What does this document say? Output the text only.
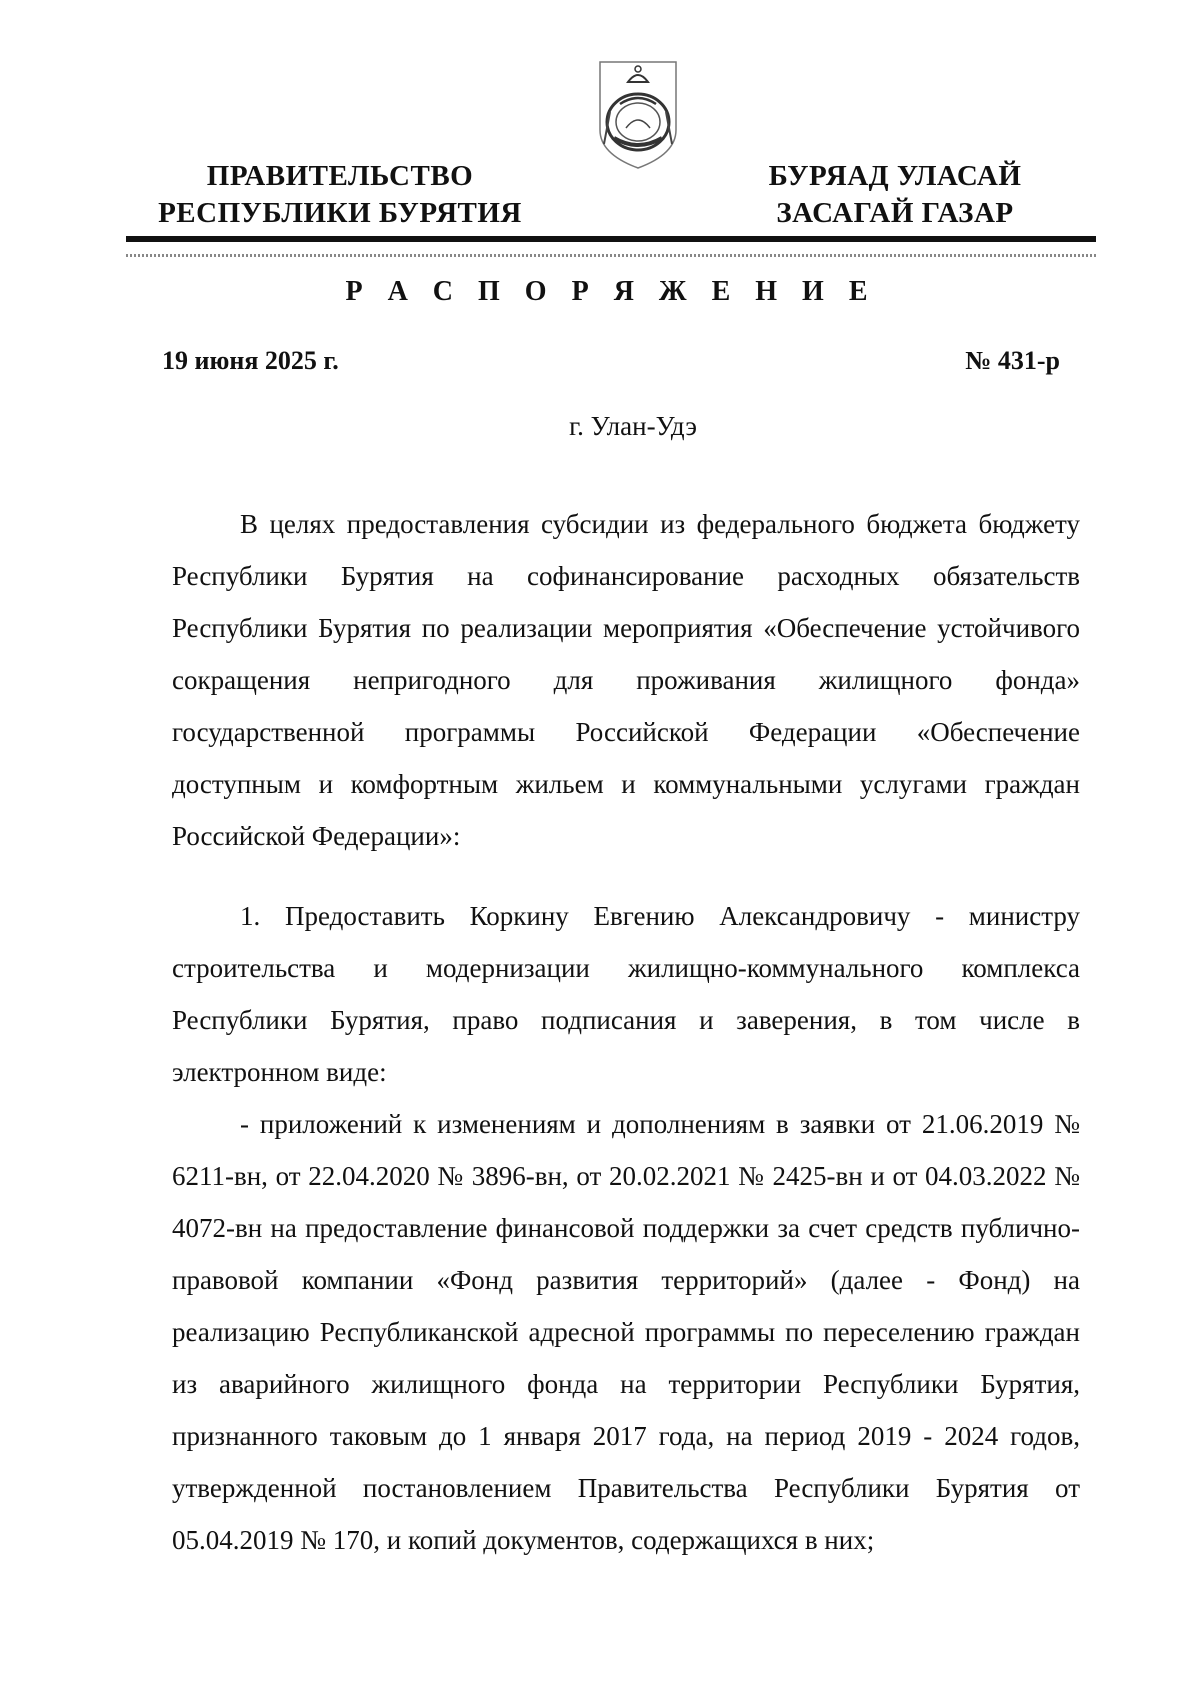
ПРАВИТЕЛЬСТВО
РЕСПУБЛИКИ БУРЯТИЯ
БУРЯАД УЛАСАЙ
ЗАСАГАЙ ГАЗАР
Р А С П О Р Я Ж Е Н И Е
19 июня 2025 г.	№ 431-р
г. Улан-Удэ

В целях предоставления субсидии из федерального бюджета бюджету Республики Бурятия на софинансирование расходных обязательств Республики Бурятия по реализации мероприятия «Обеспечение устойчивого сокращения непригодного для проживания жилищного фонда» государственной программы Российской Федерации «Обеспечение доступным и комфортным жильем и коммунальными услугами граждан Российской Федерации»:

1. Предоставить Коркину Евгению Александровичу - министру строительства и модернизации жилищно-коммунального комплекса Республики Бурятия, право подписания и заверения, в том числе в электронном виде:

- приложений к изменениям и дополнениям в заявки от 21.06.2019 № 6211-вн, от 22.04.2020 № 3896-вн, от 20.02.2021 № 2425-вн и от 04.03.2022 № 4072-вн на предоставление финансовой поддержки за счет средств публично-правовой компании «Фонд развития территорий» (далее - Фонд) на реализацию Республиканской адресной программы по переселению граждан из аварийного жилищного фонда на территории Республики Бурятия, признанного таковым до 1 января 2017 года, на период 2019 - 2024 годов, утвержденной постановлением Правительства Республики Бурятия от 05.04.2019 № 170, и копий документов, содержащихся в них;
